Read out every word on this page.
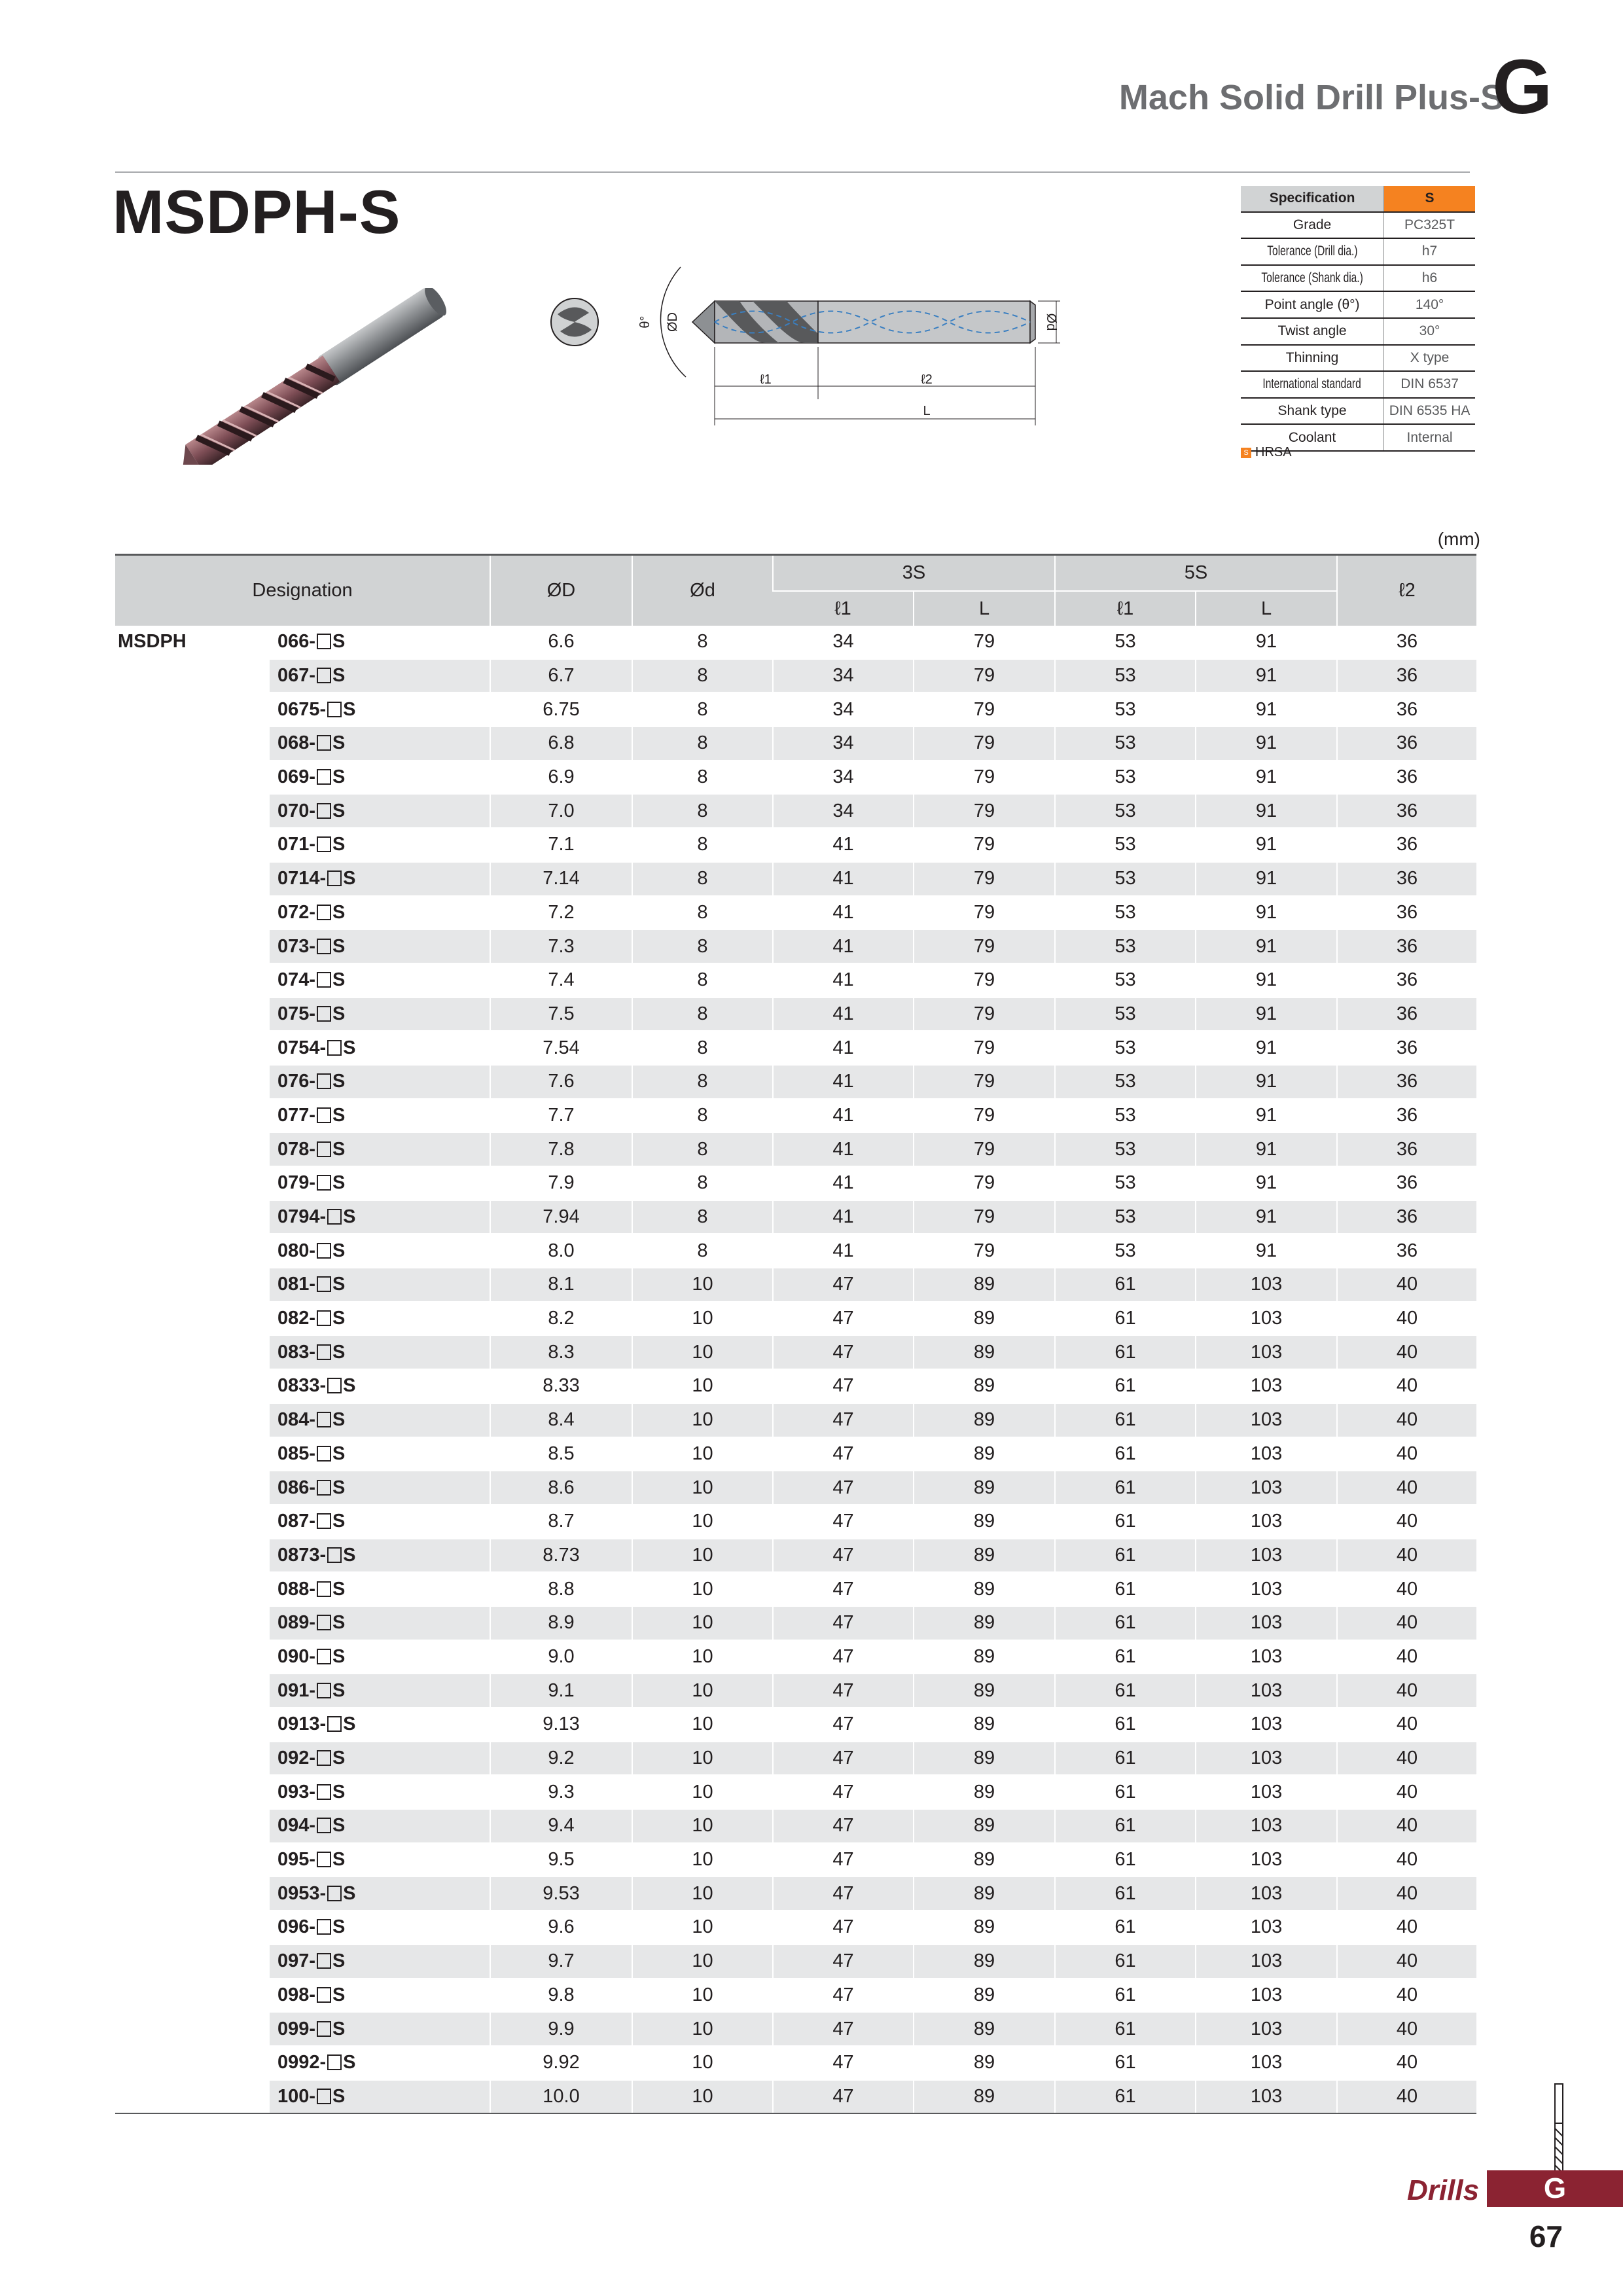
Mach Solid Drill Plus-S
G
MSDPH-S
θ° ØD	Ød
ℓ1	ℓ2
L
Specification	S
Grade	PC325T
Tolerance (Drill dia.)	h7
Tolerance (Shank dia.)	h6
Point angle (θ°)	140°
Twist angle	30°
Thinning	X type
International standard	DIN 6537
Shank type	DIN 6535 HA
Coolant	Internal
S HRSA
(mm)
Designation		ØD	Ød	3S		5S		ℓ2
				ℓ1	L	ℓ1	L	
MSDPH	066- S	6.6	8	34	79	53	91	36
	067- S	6.7	8	34	79	53	91	36
	0675- S	6.75	8	34	79	53	91	36
	068- S	6.8	8	34	79	53	91	36
	069- S	6.9	8	34	79	53	91	36
	070- S	7.0	8	34	79	53	91	36
	071- S	7.1	8	41	79	53	91	36
	0714- S	7.14	8	41	79	53	91	36
	072- S	7.2	8	41	79	53	91	36
	073- S	7.3	8	41	79	53	91	36
	074- S	7.4	8	41	79	53	91	36
	075- S	7.5	8	41	79	53	91	36
	0754- S	7.54	8	41	79	53	91	36
	076- S	7.6	8	41	79	53	91	36
	077- S	7.7	8	41	79	53	91	36
	078- S	7.8	8	41	79	53	91	36
	079- S	7.9	8	41	79	53	91	36
	0794- S	7.94	8	41	79	53	91	36
	080- S	8.0	8	41	79	53	91	36
	081- S	8.1	10	47	89	61	103	40
	082- S	8.2	10	47	89	61	103	40
	083- S	8.3	10	47	89	61	103	40
	0833- S	8.33	10	47	89	61	103	40
	084- S	8.4	10	47	89	61	103	40
	085- S	8.5	10	47	89	61	103	40
	086- S	8.6	10	47	89	61	103	40
	087- S	8.7	10	47	89	61	103	40
	0873- S	8.73	10	47	89	61	103	40
	088- S	8.8	10	47	89	61	103	40
	089- S	8.9	10	47	89	61	103	40
	090- S	9.0	10	47	89	61	103	40
	091- S	9.1	10	47	89	61	103	40
	0913- S	9.13	10	47	89	61	103	40
	092- S	9.2	10	47	89	61	103	40
	093- S	9.3	10	47	89	61	103	40
	094- S	9.4	10	47	89	61	103	40
	095- S	9.5	10	47	89	61	103	40
	0953- S	9.53	10	47	89	61	103	40
	096- S	9.6	10	47	89	61	103	40
	097- S	9.7	10	47	89	61	103	40
	098- S	9.8	10	47	89	61	103	40
	099- S	9.9	10	47	89	61	103	40
	0992- S	9.92	10	47	89	61	103	40
	100- S	10.0	10	47	89	61	103	40
Drills	G
67
